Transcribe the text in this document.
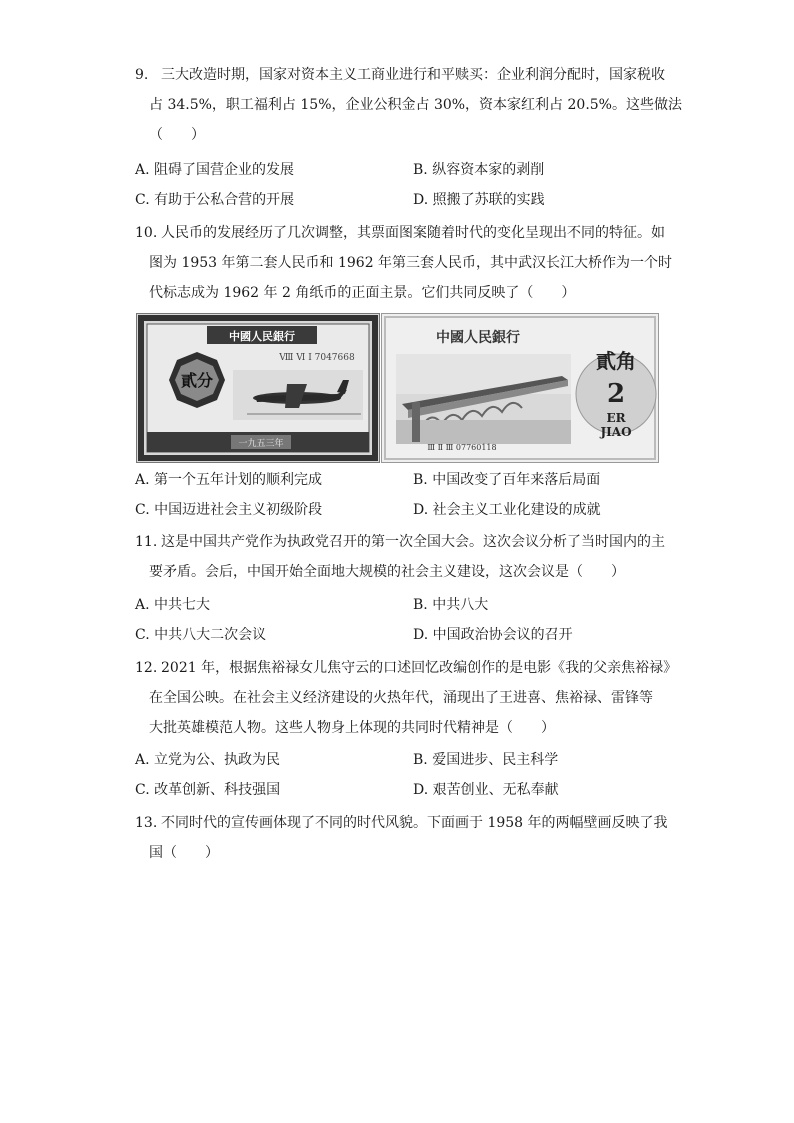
9. 三大改造时期，国家对资本主义工商业进行和平赎买：企业利润分配时，国家税收
占 34.5%，职工福利占 15%，企业公积金占 30%，资本家红利占 20.5%。这些做法
（　　）
A. 阻碍了国营企业的发展	B. 纵容资本家的剥削
C. 有助于公私合营的开展	D. 照搬了苏联的实践
10. 人民币的发展经历了几次调整，其票面图案随着时代的变化呈现出不同的特征。如
图为 1953 年第二套人民币和 1962 年第三套人民币，其中武汉长江大桥作为一个时
代标志成为 1962 年 2 角纸币的正面主景。它们共同反映了（　　）
中國人民銀行
貳分
Ⅷ Ⅵ Ⅰ 7047668
一九五三年
中國人民銀行
Ⅲ Ⅱ Ⅲ 07760118
貳角
2
ER
JIAO
A. 第一个五年计划的顺利完成	B. 中国改变了百年来落后局面
C. 中国迈进社会主义初级阶段	D. 社会主义工业化建设的成就
11. 这是中国共产党作为执政党召开的第一次全国大会。这次会议分析了当时国内的主
要矛盾。会后，中国开始全面地大规模的社会主义建设，这次会议是（　　）
A. 中共七大	B. 中共八大
C. 中共八大二次会议	D. 中国政治协会议的召开
12. 2021 年，根据焦裕禄女儿焦守云的口述回忆改编创作的是电影《我的父亲焦裕禄》
在全国公映。在社会主义经济建设的火热年代，涌现出了王进喜、焦裕禄、雷锋等
大批英雄模范人物。这些人物身上体现的共同时代精神是（　　）
A. 立党为公、执政为民	B. 爱国进步、民主科学
C. 改革创新、科技强国	D. 艰苦创业、无私奉献
13. 不同时代的宣传画体现了不同的时代风貌。下面画于 1958 年的两幅壁画反映了我
国（　　）
